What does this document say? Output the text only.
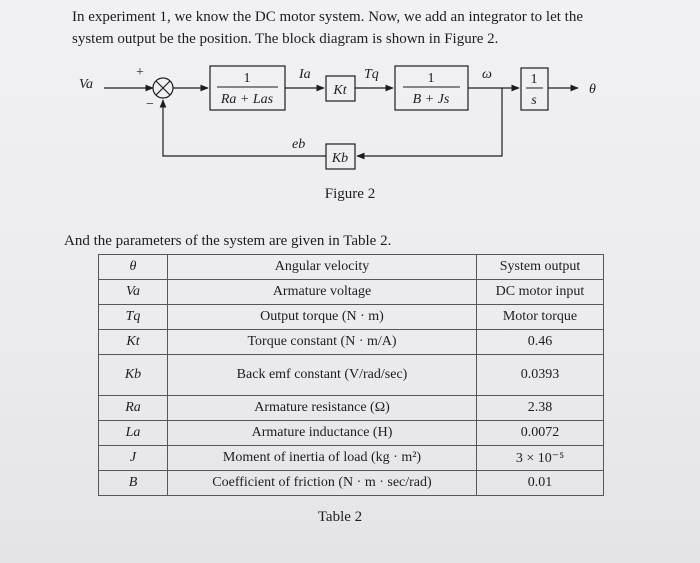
In experiment 1, we know the DC motor system. Now, we add an integrator to let the

system output be the position. The block diagram is shown in Figure 2.

Va
+
−
1
Ra + Las
Ia
Kt
Tq	1
B + Js
ω	1
s
θ
Kb
eb

Figure 2

And the parameters of the system are given in Table 2.

θ	Angular velocity	System output
Va	Armature voltage	DC motor input
Tq	Output torque (N · m)	Motor torque
Kt	Torque constant (N · m/A)	0.46
Kb	Back emf constant (V/rad/sec)	0.0393
Ra	Armature resistance (Ω)	2.38
La	Armature inductance (H)	0.0072
J	Moment of inertia of load (kg · m²)	3 × 10⁻⁵
B	Coefficient of friction (N · m · sec/rad)	0.01

Table 2
